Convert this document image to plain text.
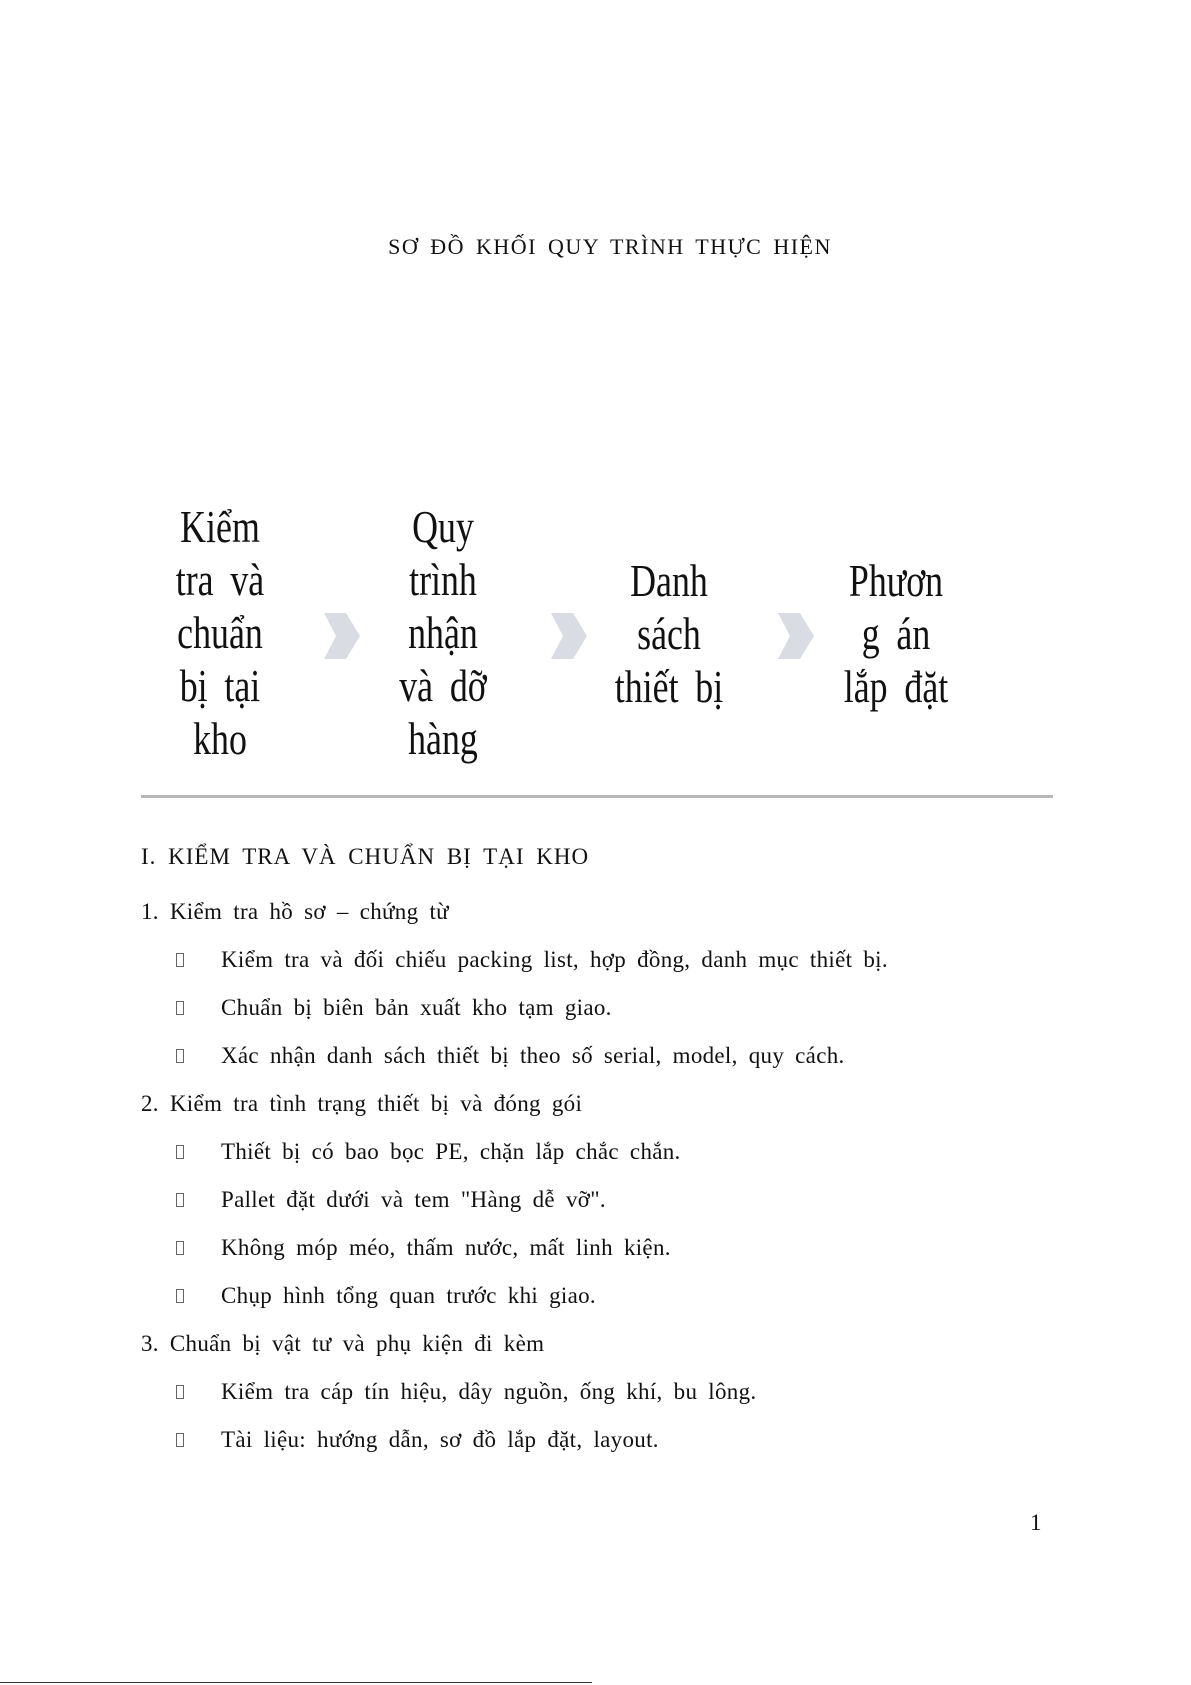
SƠ ĐỒ KHỐI QUY TRÌNH THỰC HIỆN
Kiểm
tra và
chuẩn
bị tại
kho
Quy
trình
nhận
và dỡ
hàng
Danh
sách
thiết bị
Phươn
g án
lắp đặt
I. KIỂM TRA VÀ CHUẨN BỊ TẠI KHO
1. Kiểm tra hồ sơ – chứng từ
Kiểm tra và đối chiếu packing list, hợp đồng, danh mục thiết bị.
Chuẩn bị biên bản xuất kho tạm giao.
Xác nhận danh sách thiết bị theo số serial, model, quy cách.
2. Kiểm tra tình trạng thiết bị và đóng gói
Thiết bị có bao bọc PE, chặn lắp chắc chắn.
Pallet đặt dưới và tem "Hàng dễ vỡ".
Không móp méo, thấm nước, mất linh kiện.
Chụp hình tổng quan trước khi giao.
3. Chuẩn bị vật tư và phụ kiện đi kèm
Kiểm tra cáp tín hiệu, dây nguồn, ống khí, bu lông.
Tài liệu: hướng dẫn, sơ đồ lắp đặt, layout.
1
